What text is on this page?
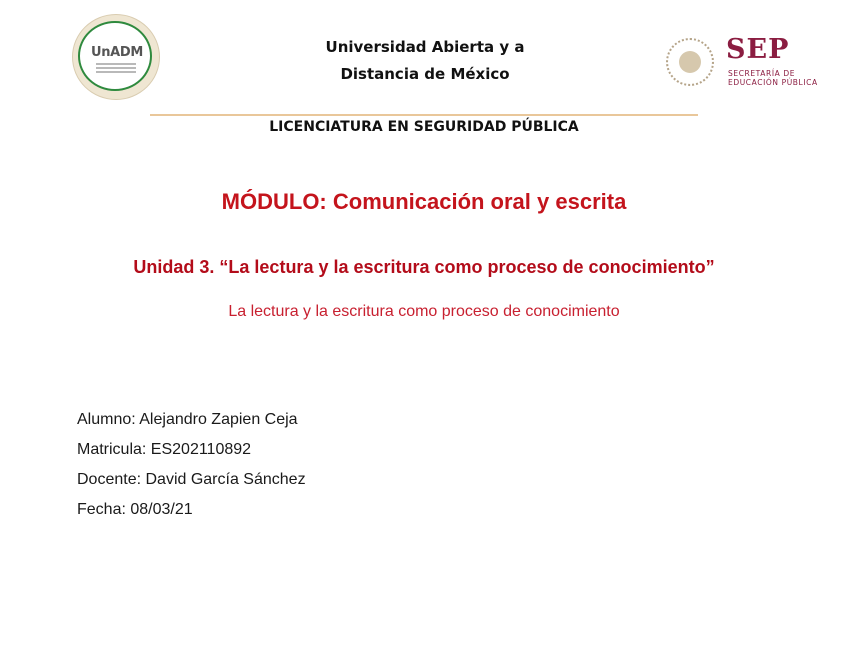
UnADM	Universidad Abierta y a
Distancia de México
SEP
SECRETARÍA DE
EDUCACIÓN PÚBLICA
LICENCIATURA EN SEGURIDAD PÚBLICA
MÓDULO: Comunicación oral y escrita
Unidad 3. “La lectura y la escritura como proceso de conocimiento”
La lectura y la escritura como proceso de conocimiento
Alumno: Alejandro Zapien Ceja
Matricula: ES202110892
Docente: David García Sánchez
Fecha: 08/03/21
